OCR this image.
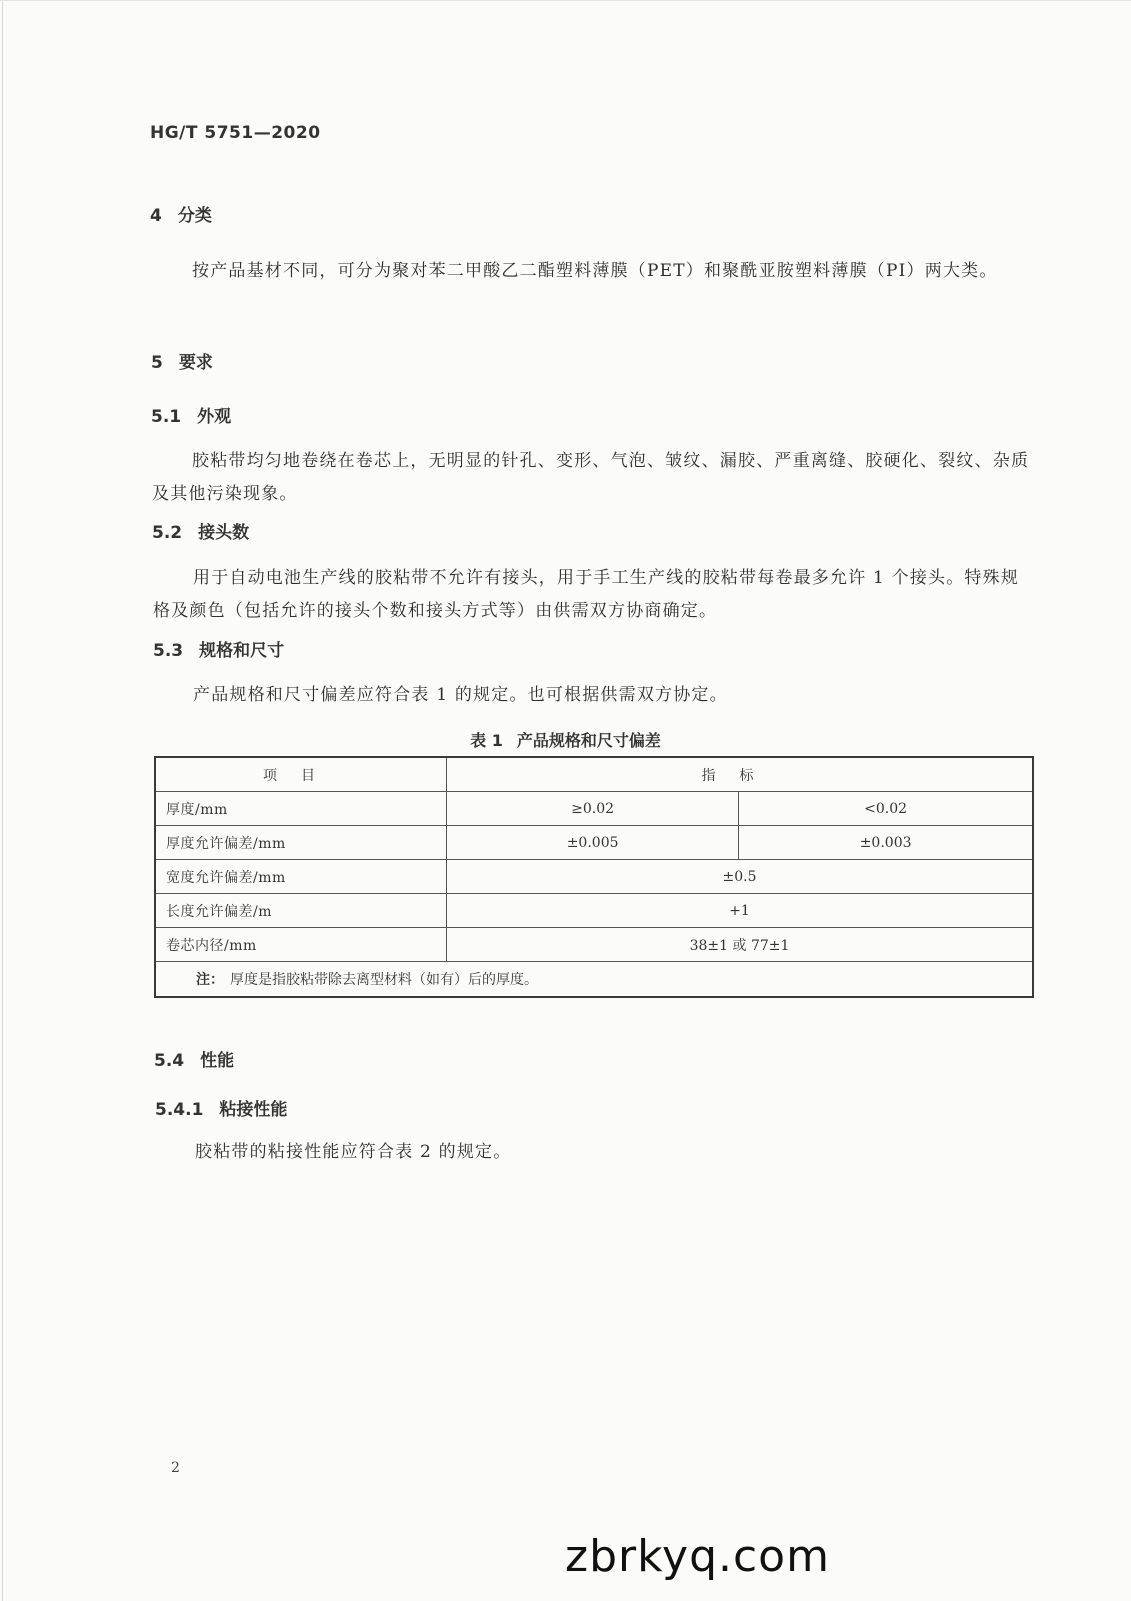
HG/T 5751—2020
4 分类
按产品基材不同，可分为聚对苯二甲酸乙二酯塑料薄膜（PET）和聚酰亚胺塑料薄膜（PI）两大类。
5 要求
5.1 外观
胶粘带均匀地卷绕在卷芯上，无明显的针孔、变形、气泡、皱纹、漏胶、严重离缝、胶硬化、裂纹、杂质及其他污染现象。
5.2 接头数
用于自动电池生产线的胶粘带不允许有接头，用于手工生产线的胶粘带每卷最多允许 1 个接头。特殊规格及颜色（包括允许的接头个数和接头方式等）由供需双方协商确定。
5.3 规格和尺寸
产品规格和尺寸偏差应符合表 1 的规定。也可根据供需双方协定。
表 1 产品规格和尺寸偏差
项目	指标	
厚度/mm	≥0.02	<0.02
厚度允许偏差/mm	±0.005	±0.003
宽度允许偏差/mm	±0.5	
长度允许偏差/m	+1	
卷芯内径/mm	38±1 或 77±1	
注： 厚度是指胶粘带除去离型材料（如有）后的厚度。		
5.4 性能
5.4.1 粘接性能
胶粘带的粘接性能应符合表 2 的规定。
2
zbrkyq.com
